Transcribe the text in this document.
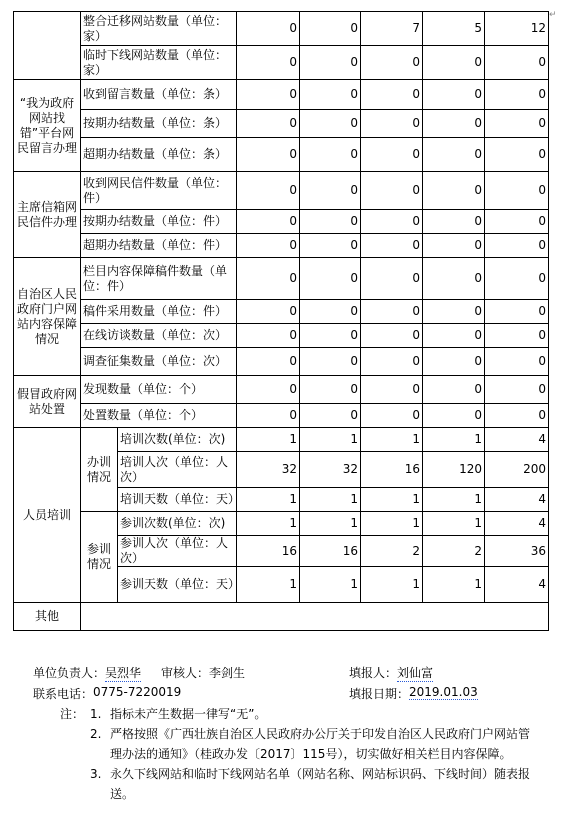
	整合迁移网站数量（单位：家）		0	0	7	5	12
	临时下线网站数量（单位：家）		0	0	0	0	0
“我为政府网站找错”平台网民留言办理	收到留言数量（单位：条）		0	0	0	0	0
	按期办结数量（单位：条）		0	0	0	0	0
	超期办结数量（单位：条）		0	0	0	0	0
主席信箱网民信件办理	收到网民信件数量（单位：件）		0	0	0	0	0
	按期办结数量（单位：件）		0	0	0	0	0
	超期办结数量（单位：件）		0	0	0	0	0
自治区人民政府门户网站内容保障情况	栏目内容保障稿件数量（单位：件）		0	0	0	0	0
	稿件采用数量（单位：件）		0	0	0	0	0
	在线访谈数量（单位：次）		0	0	0	0	0
	调查征集数量（单位：次）		0	0	0	0	0
假冒政府网站处置	发现数量（单位：个）		0	0	0	0	0
	处置数量（单位：个）		0	0	0	0	0
人员培训	办训情况	培训次数(单位：次)	1	1	1	1	4
		培训人次（单位：人次）	32	32	16	120	200
		培训天数（单位：天）	1	1	1	1	4
	参训情况	参训次数(单位：次)	1	1	1	1	4
		参训人次（单位：人次）	16	16	2	2	36
		参训天数（单位：天）	1	1	1	1	4
其他							
单位负责人： 吴烈华 审核人： 李剑生	填报人： 刘仙富
联系电话： 0775-7220019	填报日期： 2019.01.03
注： 1. 指标未产生数据一律写“无”。
2. 严格按照《广西壮族自治区人民政府办公厅关于印发自治区人民政府门户网站管理办法的通知》（桂政办发〔2017〕115号），切实做好相关栏目内容保障。
3. 永久下线网站和临时下线网站名单（网站名称、网站标识码、下线时间）随表报送。
↵
